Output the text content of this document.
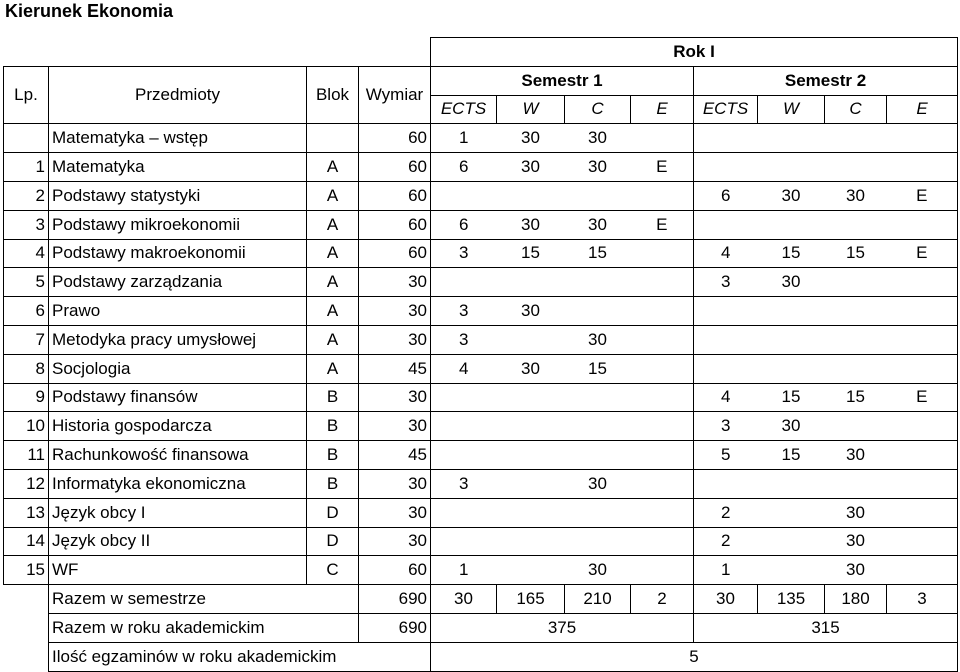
Kierunek Ekonomia
				Rok I							
Lp.	Przedmioty	Blok	Wymiar	Semestr 1				Semestr 2			
				ECTS	W	C	E	ECTS	W	C	E
	Matematyka – wstęp		60	1	30	30					
1	Matematyka	A	60	6	30	30	E				
2	Podstawy statystyki	A	60					6	30	30	E
3	Podstawy mikroekonomii	A	60	6	30	30	E				
4	Podstawy makroekonomii	A	60	3	15	15		4	15	15	E
5	Podstawy zarządzania	A	30					3	30		
6	Prawo	A	30	3	30						
7	Metodyka pracy umysłowej	A	30	3		30					
8	Socjologia	A	45	4	30	15					
9	Podstawy finansów	B	30					4	15	15	E
10	Historia gospodarcza	B	30					3	30		
11	Rachunkowość finansowa	B	45					5	15	30	
12	Informatyka ekonomiczna	B	30	3		30					
13	Język obcy I	D	30					2		30	
14	Język obcy II	D	30					2		30	
15	WF	C	60	1		30		1		30	
	Razem w semestrze		690	30	165	210	2	30	135	180	3
	Razem w roku akademickim		690	375				315			
	Ilość egzaminów w roku akademickim			5							
